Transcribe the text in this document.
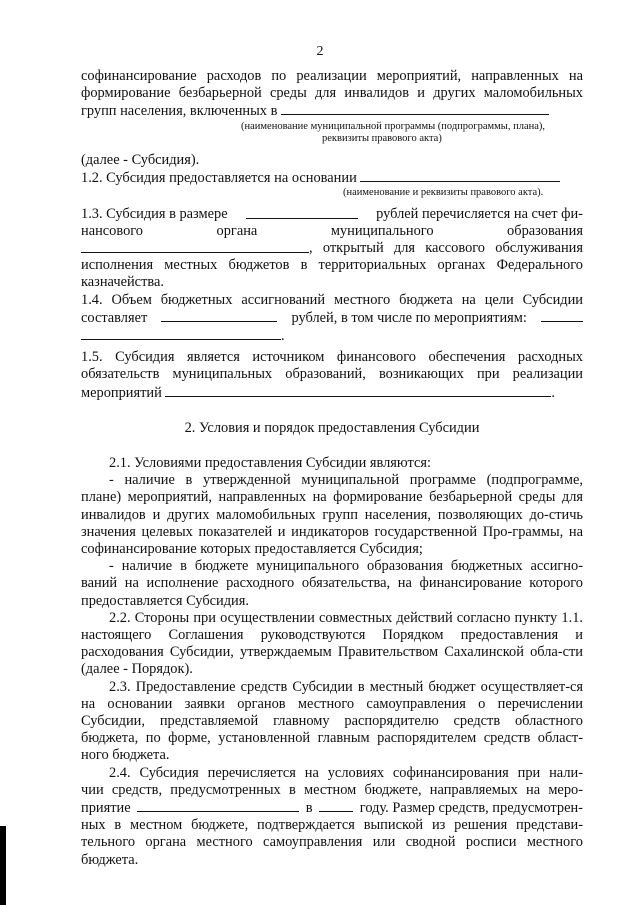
2

софинансирование расходов по реализации мероприятий, направленных на

формирование безбарьерной среды для инвалидов и других маломобильных

групп населения, включенных в

(наименование муниципальной программы (подпрограммы, плана),

реквизиты правового акта)

(далее - Субсидия).

1.2. Субсидия предоставляется на основании

(наименование и реквизиты правового акта).

1.3. Субсидия в размере	рублей перечисляется на счет фи-

нансового	органа	муниципального	образования

, открытый для кассового обслуживания

исполнения местных бюджетов в территориальных органах Федерального

казначейства.

1.4. Объем бюджетных ассигнований местного бюджета на цели Субсидии

составляет	рублей, в том числе по мероприятиям:

.

1.5. Субсидия является источником финансового обеспечения расходных

обязательств муниципальных образований, возникающих при реализации

мероприятий	.

2. Условия и порядок предоставления Субсидии

2.1. Условиями предоставления Субсидии являются:

- наличие в утвержденной муниципальной программе (подпрограмме, плане) мероприятий, направленных на формирование безбарьерной среды для инвалидов и других маломобильных групп населения, позволяющих до-стичь значения целевых показателей и индикаторов государственной Про-граммы, на софинансирование которых предоставляется Субсидия;

- наличие в бюджете муниципального образования бюджетных ассигно-ваний на исполнение расходного обязательства, на финансирование которого предоставляется Субсидия.

2.2. Стороны при осуществлении совместных действий согласно пункту 1.1. настоящего Соглашения руководствуются Порядком предоставления и расходования Субсидии, утверждаемым Правительством Сахалинской обла-сти (далее - Порядок).

2.3. Предоставление средств Субсидии в местный бюджет осуществляет-ся на основании заявки органов местного самоуправления о перечислении Субсидии, представляемой главному распорядителю средств областного бюджета, по форме, установленной главным распорядителем средств област-ного бюджета.

2.4. Субсидия перечисляется на условиях софинансирования при нали-

чии средств, предусмотренных в местном бюджете, направляемых на меро-

приятие	в	году. Размер средств, предусмотрен-

ных в местном бюджете, подтверждается выпиской из решения представи-

тельного органа местного самоуправления или сводной росписи местного

бюджета.
